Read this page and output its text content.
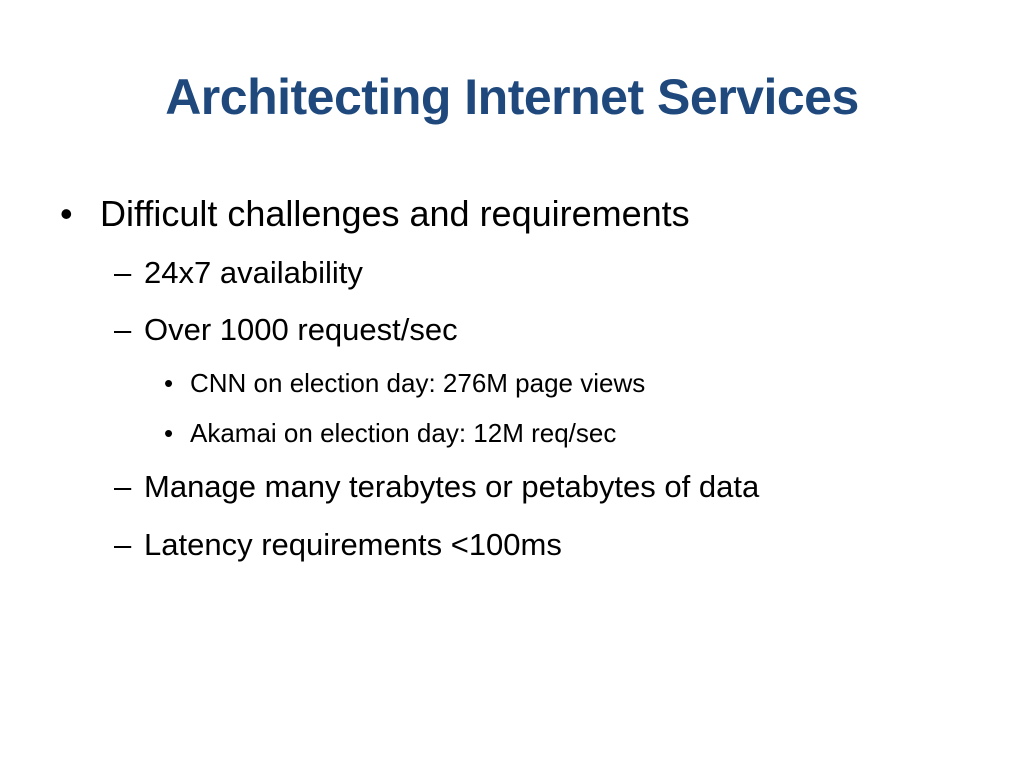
Architecting Internet Services
• Difficult challenges and requirements
– 24x7 availability
– Over 1000 request/sec
• CNN on election day: 276M page views
• Akamai on election day: 12M req/sec
– Manage many terabytes or petabytes of data
– Latency requirements <100ms
